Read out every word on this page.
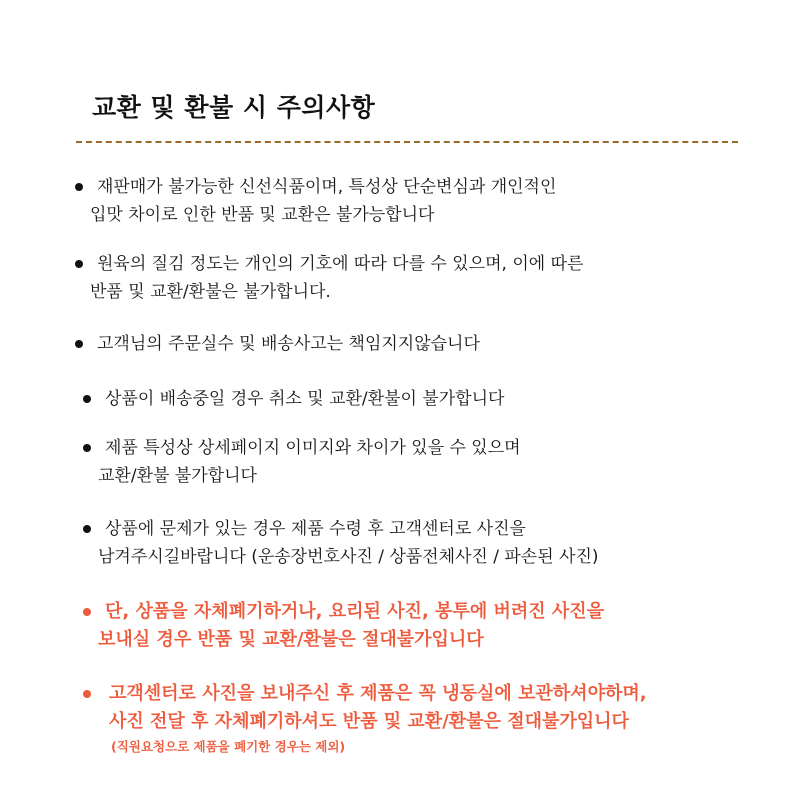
교환 및 환불 시 주의사항
재판매가 불가능한 신선식품이며, 특성상 단순변심과 개인적인
입맛 차이로 인한 반품 및 교환은 불가능합니다
원육의 질김 정도는 개인의 기호에 따라 다를 수 있으며, 이에 따른
반품 및 교환/환불은 불가합니다.
고객님의 주문실수 및 배송사고는 책임지지않습니다
상품이 배송중일 경우 취소 및 교환/환불이 불가합니다
제품 특성상 상세페이지 이미지와 차이가 있을 수 있으며
교환/환불 불가합니다
상품에 문제가 있는 경우 제품 수령 후 고객센터로 사진을
남겨주시길바랍니다 (운송장번호사진 / 상품전체사진 / 파손된 사진)
단, 상품을 자체폐기하거나, 요리된 사진, 봉투에 버려진 사진을
보내실 경우 반품 및 교환/환불은 절대불가입니다
고객센터로 사진을 보내주신 후 제품은 꼭 냉동실에 보관하셔야하며,
사진 전달 후 자체폐기하셔도 반품 및 교환/환불은 절대불가입니다
(직원요청으로 제품을 폐기한 경우는 제외)
